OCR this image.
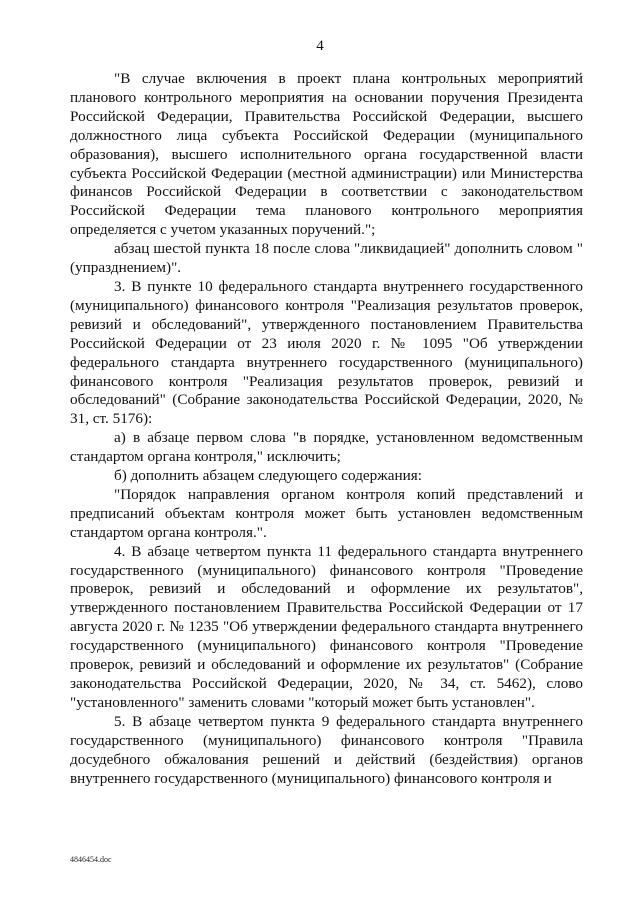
4

"В случае включения в проект плана контрольных мероприятий планового контрольного мероприятия на основании поручения Президента Российской Федерации, Правительства Российской Федерации, высшего должностного лица субъекта Российской Федерации (муниципального образования), высшего исполнительного органа государственной власти субъекта Российской Федерации (местной администрации) или Министерства финансов Российской Федерации в соответствии с законодательством Российской Федерации тема планового контрольного мероприятия определяется с учетом указанных поручений.";

абзац шестой пункта 18 после слова "ликвидацией" дополнить словом "(упразднением)".

3. В пункте 10 федерального стандарта внутреннего государственного (муниципального) финансового контроля "Реализация результатов проверок, ревизий и обследований", утвержденного постановлением Правительства Российской Федерации от 23 июля 2020 г. № 1095 "Об утверждении федерального стандарта внутреннего государственного (муниципального) финансового контроля "Реализация результатов проверок, ревизий и обследований" (Собрание законодательства Российской Федерации, 2020, № 31, ст. 5176):

а) в абзаце первом слова "в порядке, установленном ведомственным стандартом органа контроля," исключить;

б) дополнить абзацем следующего содержания:

"Порядок направления органом контроля копий представлений и предписаний объектам контроля может быть установлен ведомственным стандартом органа контроля.".

4. В абзаце четвертом пункта 11 федерального стандарта внутреннего государственного (муниципального) финансового контроля "Проведение проверок, ревизий и обследований и оформление их результатов", утвержденного постановлением Правительства Российской Федерации от 17 августа 2020 г. № 1235 "Об утверждении федерального стандарта внутреннего государственного (муниципального) финансового контроля "Проведение проверок, ревизий и обследований и оформление их результатов" (Собрание законодательства Российской Федерации, 2020, № 34, ст. 5462), слово "установленного" заменить словами "который может быть установлен".

5. В абзаце четвертом пункта 9 федерального стандарта внутреннего государственного (муниципального) финансового контроля "Правила досудебного обжалования решений и действий (бездействия) органов внутреннего государственного (муниципального) финансового контроля и

4846454.doc
